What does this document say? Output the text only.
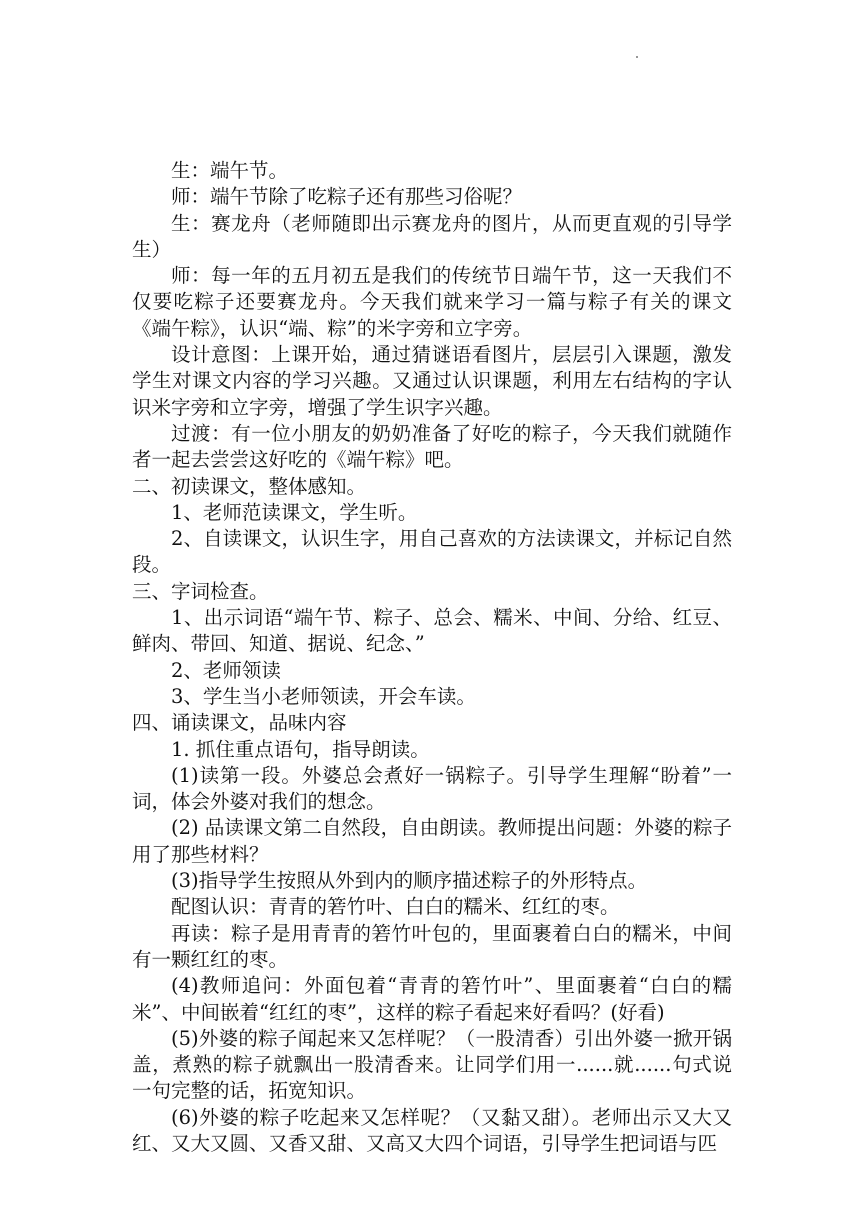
生：端午节。

师：端午节除了吃粽子还有那些习俗呢？

生：赛龙舟（老师随即出示赛龙舟的图片，从而更直观的引导学生）

师：每一年的五月初五是我们的传统节日端午节，这一天我们不仅要吃粽子还要赛龙舟。今天我们就来学习一篇与粽子有关的课文《端午粽》，认识“端、粽”的米字旁和立字旁。

设计意图：上课开始，通过猜谜语看图片，层层引入课题，激发学生对课文内容的学习兴趣。又通过认识课题，利用左右结构的字认识米字旁和立字旁，增强了学生识字兴趣。

过渡：有一位小朋友的奶奶准备了好吃的粽子，今天我们就随作者一起去尝尝这好吃的《端午粽》吧。

二、初读课文，整体感知。

1、老师范读课文，学生听。

2、自读课文，认识生字，用自己喜欢的方法读课文，并标记自然段。

三、字词检查。

1、出示词语“端午节、粽子、总会、糯米、中间、分给、红豆、鲜肉、带回、知道、据说、纪念、”

2、老师领读

3、学生当小老师领读，开会车读。

四、诵读课文，品味内容

1. 抓住重点语句，指导朗读。

(1)读第一段。外婆总会煮好一锅粽子。引导学生理解“盼着”一词，体会外婆对我们的想念。

(2) 品读课文第二自然段，自由朗读。教师提出问题：外婆的粽子用了那些材料？

(3)指导学生按照从外到内的顺序描述粽子的外形特点。

配图认识：青青的箬竹叶、白白的糯米、红红的枣。

再读：粽子是用青青的箬竹叶包的，里面裹着白白的糯米，中间有一颗红红的枣。

(4)教师追问：外面包着“青青的箬竹叶”、里面裹着“白白的糯米”、中间嵌着“红红的枣”，这样的粽子看起来好看吗？(好看)

(5)外婆的粽子闻起来又怎样呢？（一股清香）引出外婆一掀开锅盖，煮熟的粽子就飘出一股清香来。让同学们用一......就......句式说一句完整的话，拓宽知识。

(6)外婆的粽子吃起来又怎样呢？（又黏又甜）。老师出示又大又红、又大又圆、又香又甜、又高又大四个词语，引导学生把词语与匹
